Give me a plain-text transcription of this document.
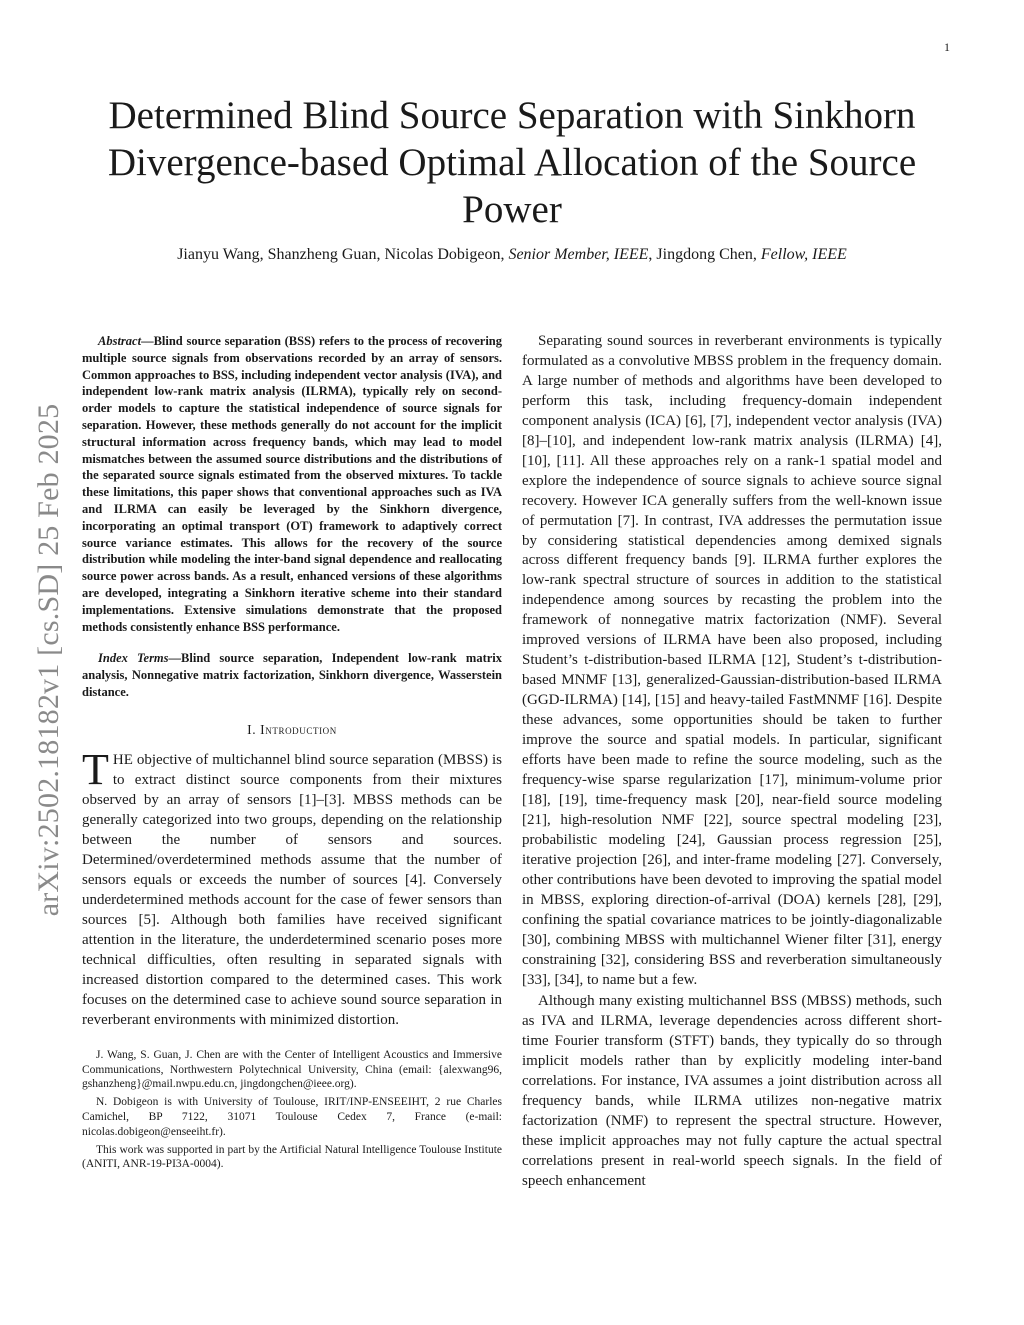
1
Determined Blind Source Separation with Sinkhorn Divergence-based Optimal Allocation of the Source Power
Jianyu Wang, Shanzheng Guan, Nicolas Dobigeon, Senior Member, IEEE, Jingdong Chen, Fellow, IEEE
arXiv:2502.18182v1 [cs.SD] 25 Feb 2025

Abstract—Blind source separation (BSS) refers to the process of recovering multiple source signals from observations recorded by an array of sensors. Common approaches to BSS, including independent vector analysis (IVA), and independent low-rank matrix analysis (ILRMA), typically rely on second-order models to capture the statistical independence of source signals for separation. However, these methods generally do not account for the implicit structural information across frequency bands, which may lead to model mismatches between the assumed source distributions and the distributions of the separated source signals estimated from the observed mixtures. To tackle these limitations, this paper shows that conventional approaches such as IVA and ILRMA can easily be leveraged by the Sinkhorn divergence, incorporating an optimal transport (OT) framework to adaptively correct source variance estimates. This allows for the recovery of the source distribution while modeling the inter-band signal dependence and reallocating source power across bands. As a result, enhanced versions of these algorithms are developed, integrating a Sinkhorn iterative scheme into their standard implementations. Extensive simulations demonstrate that the proposed methods consistently enhance BSS performance.

Index Terms—Blind source separation, Independent low-rank matrix analysis, Nonnegative matrix factorization, Sinkhorn divergence, Wasserstein distance.

I. Introduction

THE objective of multichannel blind source separation (MBSS) is to extract distinct source components from their mixtures observed by an array of sensors [1]–[3]. MBSS methods can be generally categorized into two groups, depending on the relationship between the number of sensors and sources. Determined/overdetermined methods assume that the number of sensors equals or exceeds the number of sources [4]. Conversely underdetermined methods account for the case of fewer sensors than sources [5]. Although both families have received significant attention in the literature, the underdetermined scenario poses more technical difficulties, often resulting in separated signals with increased distortion compared to the determined cases. This work focuses on the determined case to achieve sound source separation in reverberant environments with minimized distortion.

J. Wang, S. Guan, J. Chen are with the Center of Intelligent Acoustics and Immersive Communications, Northwestern Polytechnical University, China (email: {alexwang96, gshanzheng}@mail.nwpu.edu.cn, jingdongchen@ieee.org).

N. Dobigeon is with University of Toulouse, IRIT/INP-ENSEEIHT, 2 rue Charles Camichel, BP 7122, 31071 Toulouse Cedex 7, France (e-mail: nicolas.dobigeon@enseeiht.fr).

This work was supported in part by the Artificial Natural Intelligence Toulouse Institute (ANITI, ANR-19-PI3A-0004).

Separating sound sources in reverberant environments is typically formulated as a convolutive MBSS problem in the frequency domain. A large number of methods and algorithms have been developed to perform this task, including frequency-domain independent component analysis (ICA) [6], [7], independent vector analysis (IVA) [8]–[10], and independent low-rank matrix analysis (ILRMA) [4], [10], [11]. All these approaches rely on a rank-1 spatial model and explore the independence of source signals to achieve source signal recovery. However ICA generally suffers from the well-known issue of permutation [7]. In contrast, IVA addresses the permutation issue by considering statistical dependencies among demixed signals across different frequency bands [9]. ILRMA further explores the low-rank spectral structure of sources in addition to the statistical independence among sources by recasting the problem into the framework of nonnegative matrix factorization (NMF). Several improved versions of ILRMA have been also proposed, including Student’s t-distribution-based ILRMA [12], Student’s t-distribution-based MNMF [13], generalized-Gaussian-distribution-based ILRMA (GGD-ILRMA) [14], [15] and heavy-tailed FastMNMF [16]. Despite these advances, some opportunities should be taken to further improve the source and spatial models. In particular, significant efforts have been made to refine the source modeling, such as the frequency-wise sparse regularization [17], minimum-volume prior [18], [19], time-frequency mask [20], near-field source modeling [21], high-resolution NMF [22], source spectral modeling [23], probabilistic modeling [24], Gaussian process regression [25], iterative projection [26], and inter-frame modeling [27]. Conversely, other contributions have been devoted to improving the spatial model in MBSS, exploring direction-of-arrival (DOA) kernels [28], [29], confining the spatial covariance matrices to be jointly-diagonalizable [30], combining MBSS with multichannel Wiener filter [31], energy constraining [32], considering BSS and reverberation simultaneously [33], [34], to name but a few.

Although many existing multichannel BSS (MBSS) methods, such as IVA and ILRMA, leverage dependencies across different short-time Fourier transform (STFT) bands, they typically do so through implicit models rather than by explicitly modeling inter-band correlations. For instance, IVA assumes a joint distribution across all frequency bands, while ILRMA utilizes non-negative matrix factorization (NMF) to represent the spectral structure. However, these implicit approaches may not fully capture the actual spectral correlations present in real-world speech signals. In the field of speech enhancement
